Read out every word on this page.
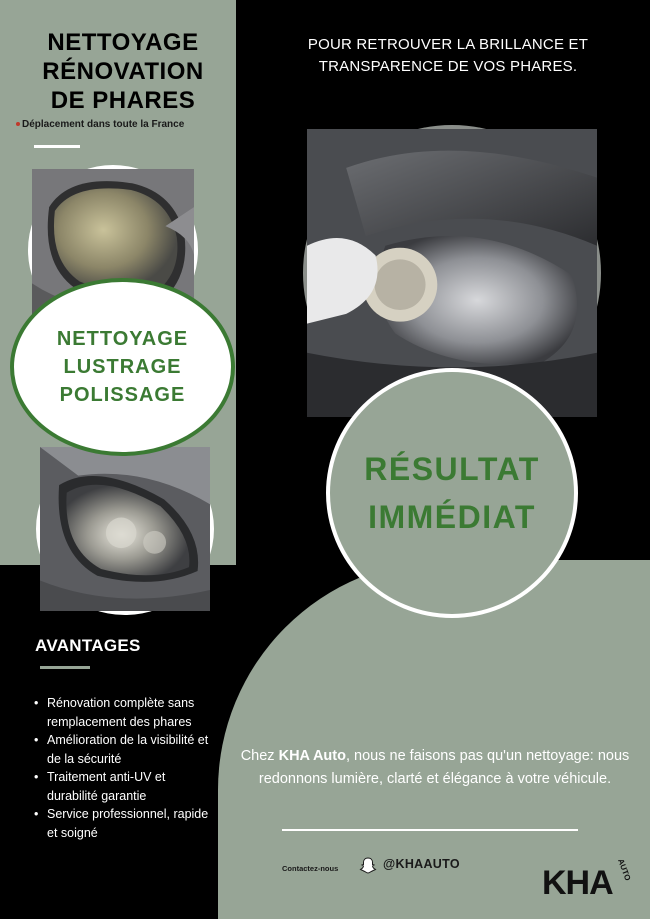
NETTOYAGE
RÉNOVATION
DE PHARES
Déplacement dans toute la France
POUR RETROUVER LA BRILLANCE ET
TRANSPARENCE DE VOS PHARES.
NETTOYAGE
LUSTRAGE
POLISSAGE
RÉSULTAT
IMMÉDIAT
AVANTAGES
• Rénovation complète sans remplacement des phares
• Amélioration de la visibilité et de la sécurité
• Traitement anti-UV et durabilité garantie
• Service professionnel, rapide et soigné
Chez KHA Auto, nous ne faisons pas qu'un nettoyage: nous redonnons lumière, clarté et élégance à votre véhicule.
Contactez-nous	@KHAAUTO KHA AUTO
